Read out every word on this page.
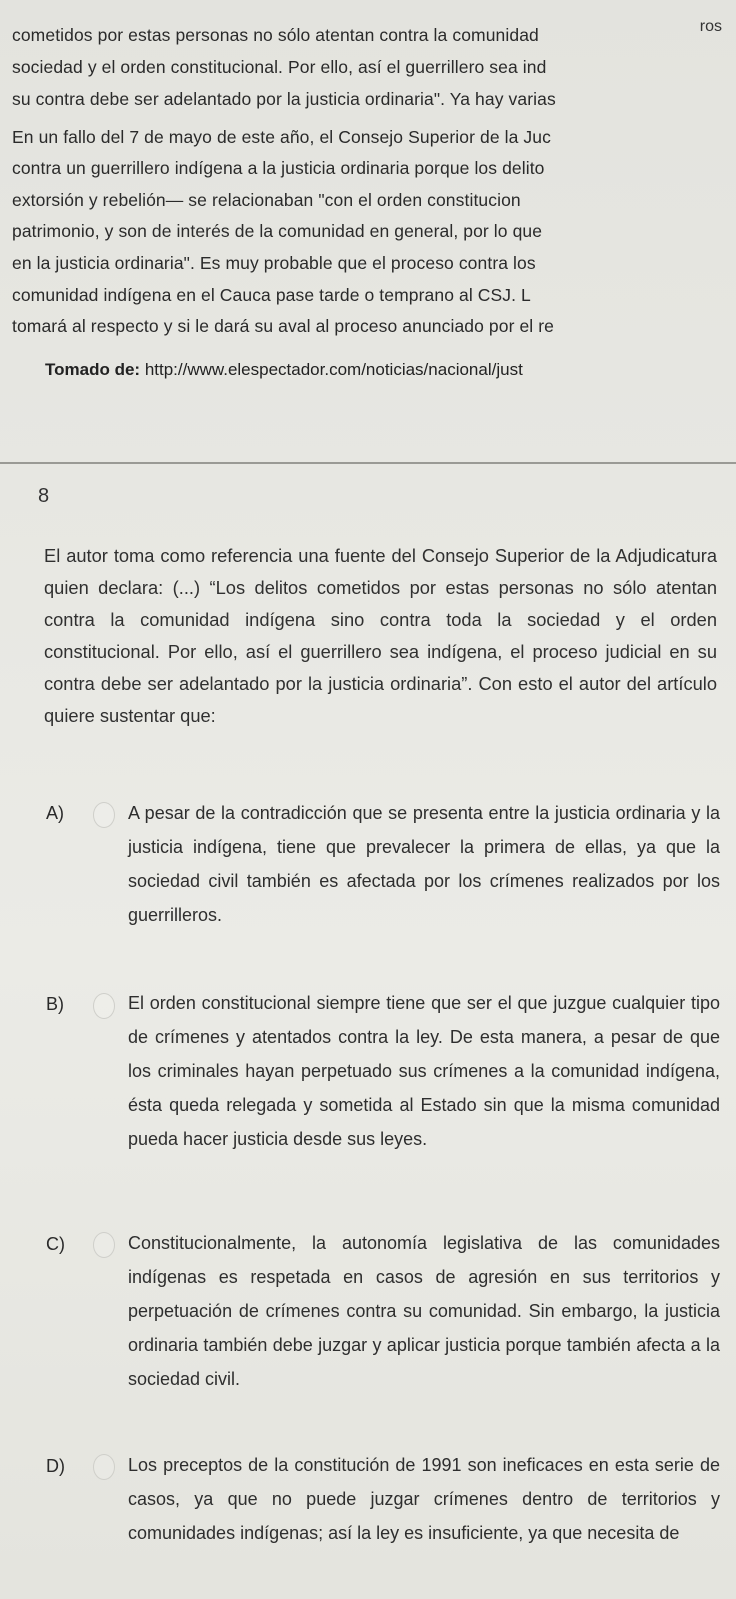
ros
cometidos por estas personas no sólo atentan contra la comunidad
sociedad y el orden constitucional. Por ello, así el guerrillero sea ind
su contra debe ser adelantado por la justicia ordinaria". Ya hay varias
En un fallo del 7 de mayo de este año, el Consejo Superior de la Juc
contra un guerrillero indígena a la justicia ordinaria porque los delito
extorsión y rebelión— se relacionaban "con el orden constitucion
patrimonio, y son de interés de la comunidad en general, por lo que
en la justicia ordinaria". Es muy probable que el proceso contra los
comunidad indígena en el Cauca pase tarde o temprano al CSJ. L
tomará al respecto y si le dará su aval al proceso anunciado por el re
Tomado de: http://www.elespectador.com/noticias/nacional/just
8
El autor toma como referencia una fuente del Consejo Superior de la Adjudicatura quien declara: (...) “Los delitos cometidos por estas personas no sólo atentan contra la comunidad indígena sino contra toda la sociedad y el orden constitucional. Por ello, así el guerrillero sea indígena, el proceso judicial en su contra debe ser adelantado por la justicia ordinaria”. Con esto el autor del artículo quiere sustentar que:
A)	A pesar de la contradicción que se presenta entre la justicia ordinaria y la justicia indígena, tiene que prevalecer la primera de ellas, ya que la sociedad civil también es afectada por los crímenes realizados por los guerrilleros.
B)	El orden constitucional siempre tiene que ser el que juzgue cualquier tipo de crímenes y atentados contra la ley. De esta manera, a pesar de que los criminales hayan perpetuado sus crímenes a la comunidad indígena, ésta queda relegada y sometida al Estado sin que la misma comunidad pueda hacer justicia desde sus leyes.
C)	Constitucionalmente, la autonomía legislativa de las comunidades indígenas es respetada en casos de agresión en sus territorios y perpetuación de crímenes contra su comunidad. Sin embargo, la justicia ordinaria también debe juzgar y aplicar justicia porque también afecta a la sociedad civil.
D)	Los preceptos de la constitución de 1991 son ineficaces en esta serie de casos, ya que no puede juzgar crímenes dentro de territorios y comunidades indígenas; así la ley es insuficiente, ya que necesita de
